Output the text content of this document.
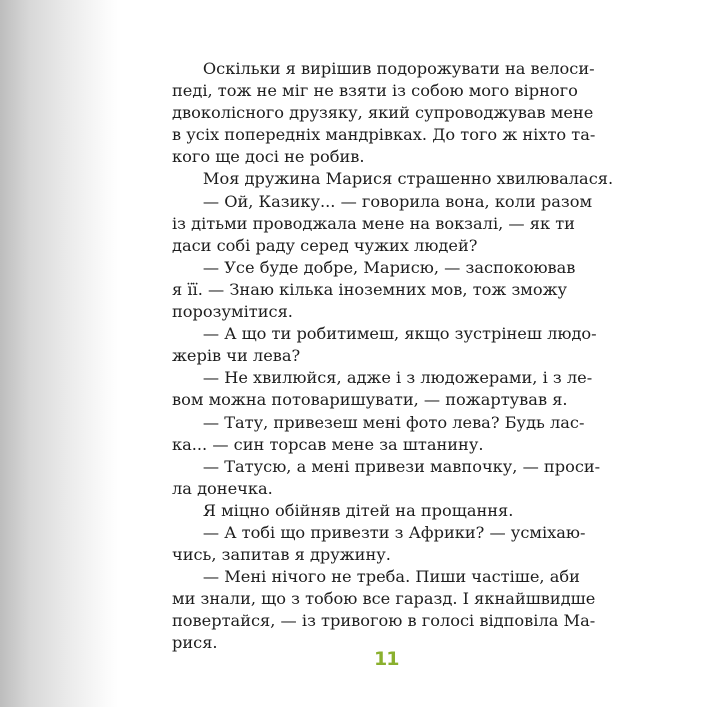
Оскільки я вирішив подорожувати на велоси-
педі, тож не міг не взяти із собою мого вірного
двоколісного друзяку, який супроводжував мене
в усіх попередніх мандрівках. До того ж ніхто та-
кого ще досі не робив.
Моя дружина Марися страшенно хвилювалася.
— Ой, Казику... — говорила вона, коли разом
із дітьми проводжала мене на вокзалі, — як ти
даси собі раду серед чужих людей?
— Усе буде добре, Марисю, — заспокоював
я її. — Знаю кілька іноземних мов, тож зможу
порозумітися.
— А що ти робитимеш, якщо зустрінеш людо-
жерів чи лева?
— Не хвилюйся, адже і з людожерами, і з ле-
вом можна потоваришувати, — пожартував я.
— Тату, привезеш мені фото лева? Будь лас-
ка... — син торсав мене за штанину.
— Татусю, а мені привези мавпочку, — проси-
ла донечка.
Я міцно обійняв дітей на прощання.
— А тобі що привезти з Африки? — усміхаю-
чись, запитав я дружину.
— Мені нічого не треба. Пиши частіше, аби
ми знали, що з тобою все гаразд. І якнайшвидше
повертайся, — із тривогою в голосі відповіла Ма-
рися.
11
